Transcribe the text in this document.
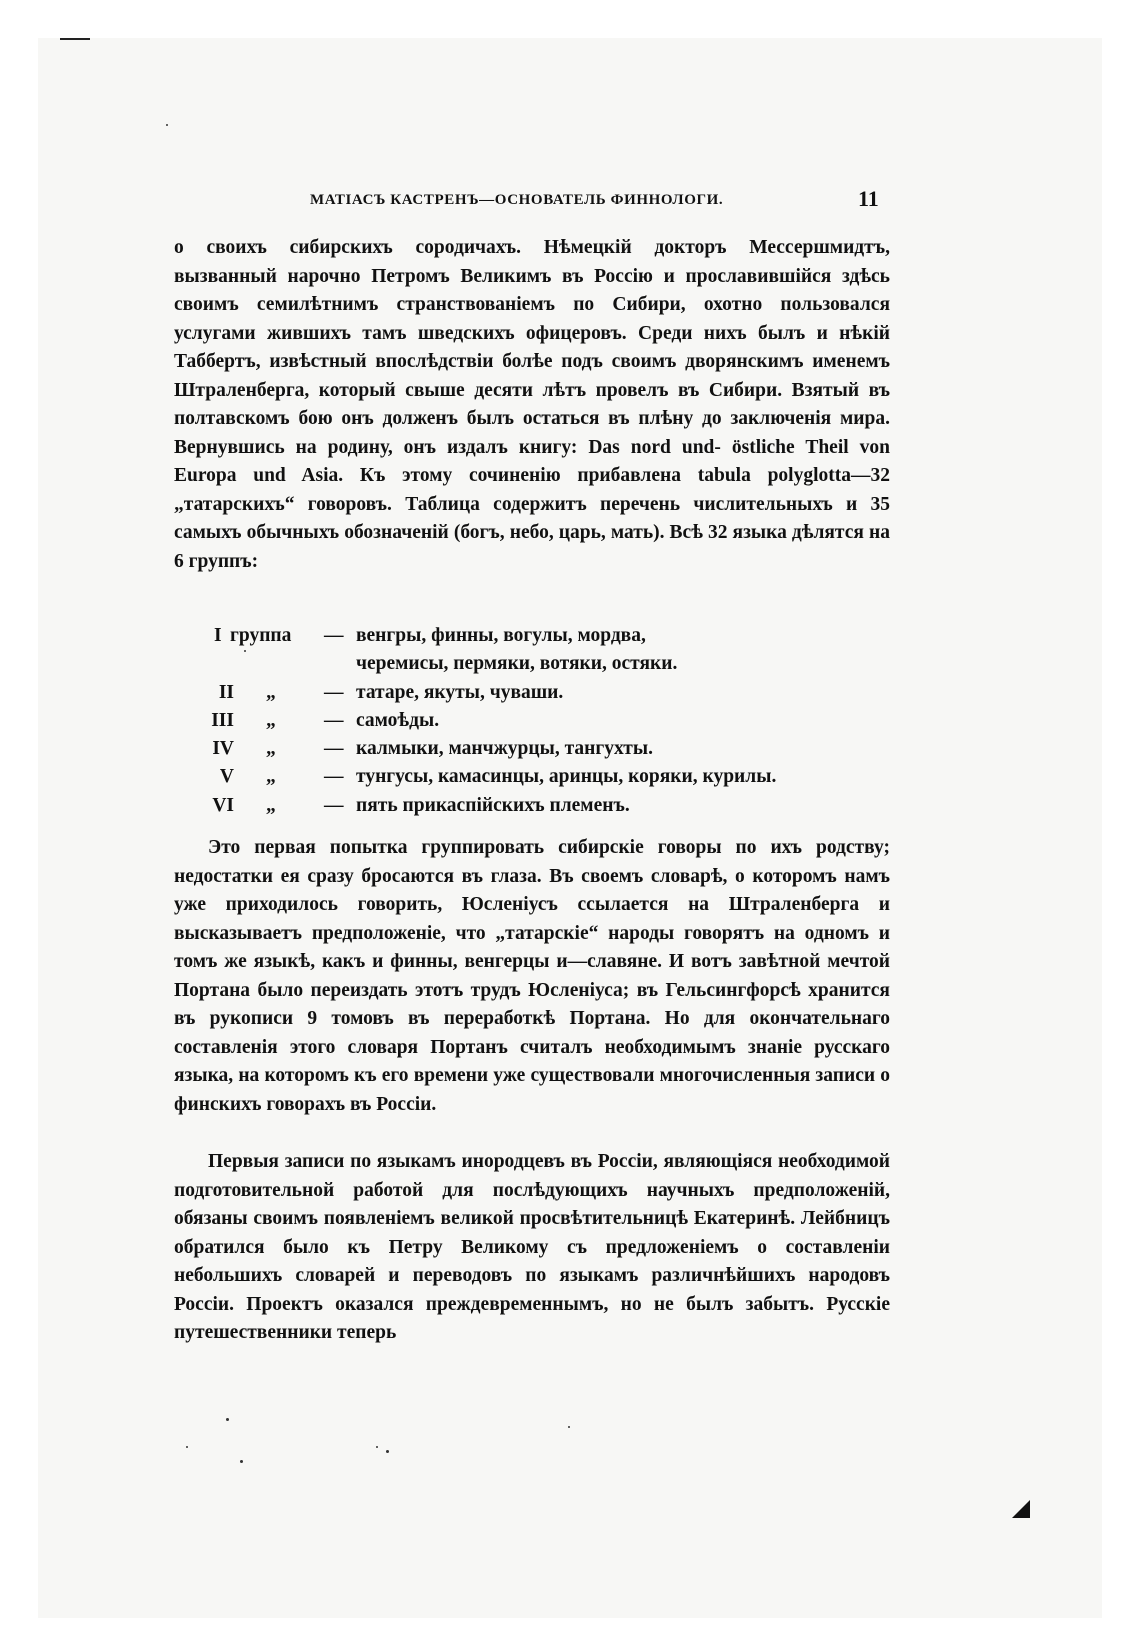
МАТІАСЪ КАСТРЕНЪ—ОСНОВАТЕЛЬ ФИННОЛОГИ.	11

о своихъ сибирскихъ сородичахъ. Нѣмецкій докторъ Мессершмидтъ, вызванный нарочно Петромъ Великимъ въ Россію и прославившійся здѣсь своимъ семилѣтнимъ странствованіемъ по Сибири, охотно пользовался услугами жившихъ тамъ шведскихъ офицеровъ. Среди нихъ былъ и нѣкій Таббертъ, извѣстный впослѣдствіи болѣе подъ своимъ дворянскимъ именемъ Штраленберга, который свыше десяти лѣтъ провелъ въ Сибири. Взятый въ полтавскомъ бою онъ долженъ былъ остаться въ плѣну до заключенія мира. Вернувшись на родину, онъ издалъ книгу: Das nord und- östliche Theil von Europa und Asia. Къ этому сочиненію прибавлена tabula polyglotta—32 „татарскихъ“ говоровъ. Таблица содержитъ перечень числительныхъ и 35 самыхъ обычныхъ обозначеній (богъ, небо, царь, мать). Всѣ 32 языка дѣлятся на 6 группъ:

I группа — венгры, финны, вогулы, мордва,
черемисы, пермяки, вотяки, остяки.
II „ — татаре, якуты, чуваши.
III „ — самоѣды.
IV „ — калмыки, манчжурцы, тангухты.
V „ — тунгусы, камасинцы, аринцы, коряки, курилы.
VI „ — пять прикаспійскихъ племенъ.

Это первая попытка группировать сибирскіе говоры по ихъ родству; недостатки ея сразу бросаются въ глаза. Въ своемъ словарѣ, о которомъ намъ уже приходилось говорить, Юсленіусъ ссылается на Штраленберга и высказываетъ предположеніе, что „татарскіе“ народы говорятъ на одномъ и томъ же языкѣ, какъ и финны, венгерцы и—славяне. И вотъ завѣтной мечтой Портана было переиздать этотъ трудъ Юсленіуса; въ Гельсингфорсѣ хранится въ рукописи 9 томовъ въ переработкѣ Портана. Но для окончательнаго составленія этого словаря Портанъ считалъ необходимымъ знаніе русскаго языка, на которомъ къ его времени уже существовали многочисленныя записи о финскихъ говорахъ въ Россіи.

Первыя записи по языкамъ инородцевъ въ Россіи, являющіяся необходимой подготовительной работой для послѣдующихъ научныхъ предположеній, обязаны своимъ появленіемъ великой просвѣтительницѣ Екатеринѣ. Лейбницъ обратился было къ Петру Великому съ предложеніемъ о составленіи небольшихъ словарей и переводовъ по языкамъ различнѣйшихъ народовъ Россіи. Проектъ оказался преждевременнымъ, но не былъ забытъ. Русскіе путешественники теперь
